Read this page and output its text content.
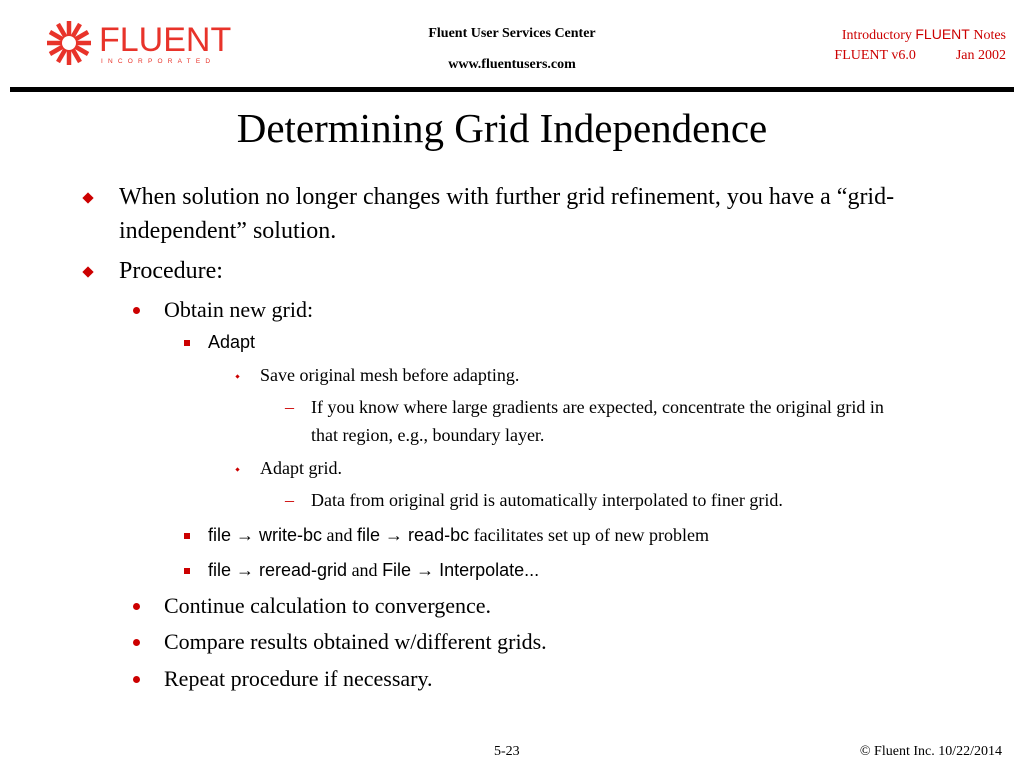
FLUENT
INCORPORATED
Fluent User Services Center
www.fluentusers.com
Introductory FLUENT Notes
FLUENT v6.0	Jan 2002
Determining Grid Independence
When solution no longer changes with further grid refinement, you have a “grid-independent” solution.
Procedure:
Obtain new grid:
Adapt
Save original mesh before adapting.
– If you know where large gradients are expected, concentrate the original grid in that region, e.g., boundary layer.
Adapt grid.
– Data from original grid is automatically interpolated to finer grid.
file → write-bc and file → read-bc facilitates set up of new problem
file → reread-grid and File → Interpolate...
Continue calculation to convergence.
Compare results obtained w/different grids.
Repeat procedure if necessary.
5-23	© Fluent Inc. 10/22/2014
